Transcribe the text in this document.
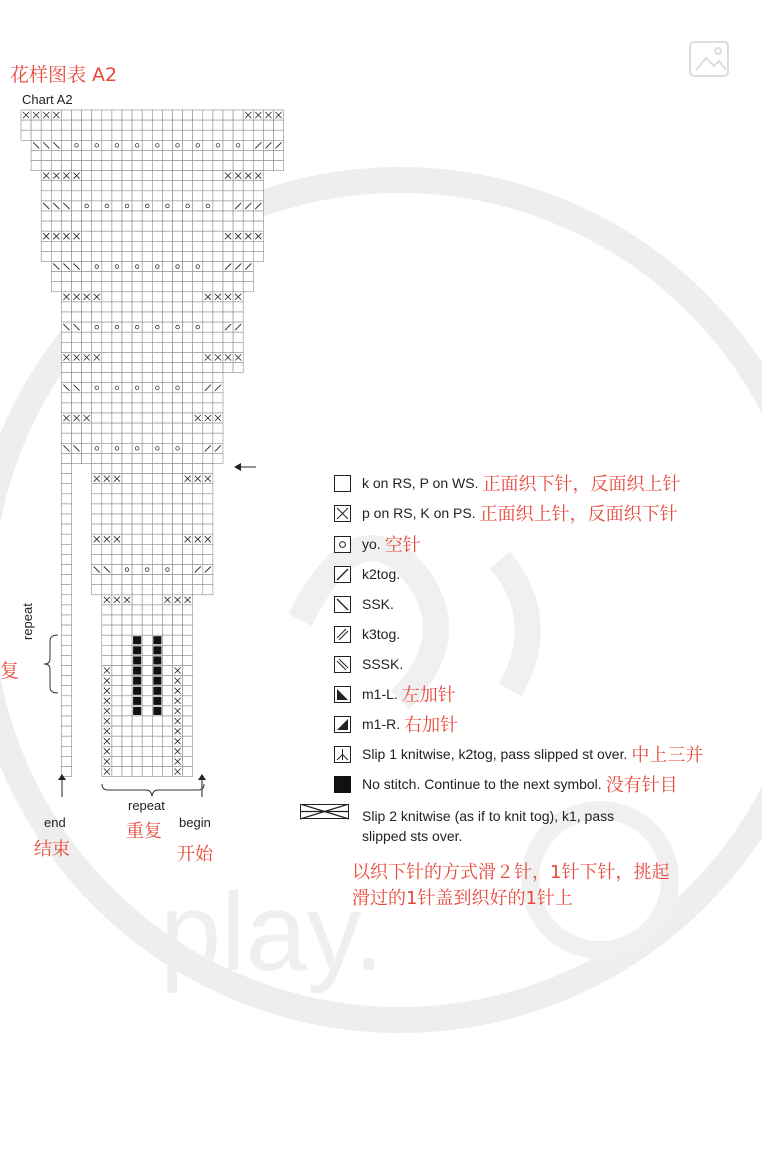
play.
花样图表 A2
Chart A2
repeat
复
end
结束
repeat
重复 begin
开始
k on RS, P on WS. 正面织下针，反面织上针
p on RS, K on PS. 正面织上针，反面织下针
yo. 空针
k2tog.
SSK.
k3tog.
SSSK.
m1-L. 左加针
m1-R. 右加针
Slip 1 knitwise, k2tog, pass slipped st over. 中上三并
No stitch. Continue to the next symbol. 没有针目
Slip 2 knitwise (as if to knit tog), k1, pass
slipped sts over.
以织下针的方式滑２针，1针下针，挑起滑过的1针盖到织好的1针上
